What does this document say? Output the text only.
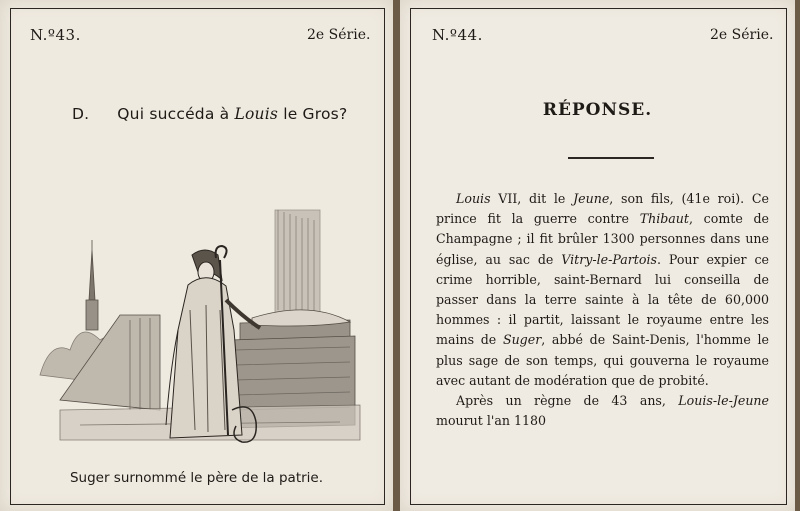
N.º43.	2e Série.
D. Qui succéda à Louis le Gros?
Suger surnommé le père de la patrie.
N.º44.	2e Série.
RÉPONSE.

Louis VII, dit le Jeune, son fils, (41e roi). Ce prince fit la guerre contre Thibaut, comte de Champagne ; il fit brûler 1300 personnes dans une église, au sac de Vitry-le-Partois. Pour expier ce crime horrible, saint-Bernard lui conseilla de passer dans la terre sainte à la tête de 60,000 hommes : il partit, laissant le royaume entre les mains de Suger, abbé de Saint-Denis, l'homme le plus sage de son temps, qui gouverna le royaume avec autant de modération que de probité.

Après un règne de 43 ans, Louis-le-Jeune mourut l'an 1180
